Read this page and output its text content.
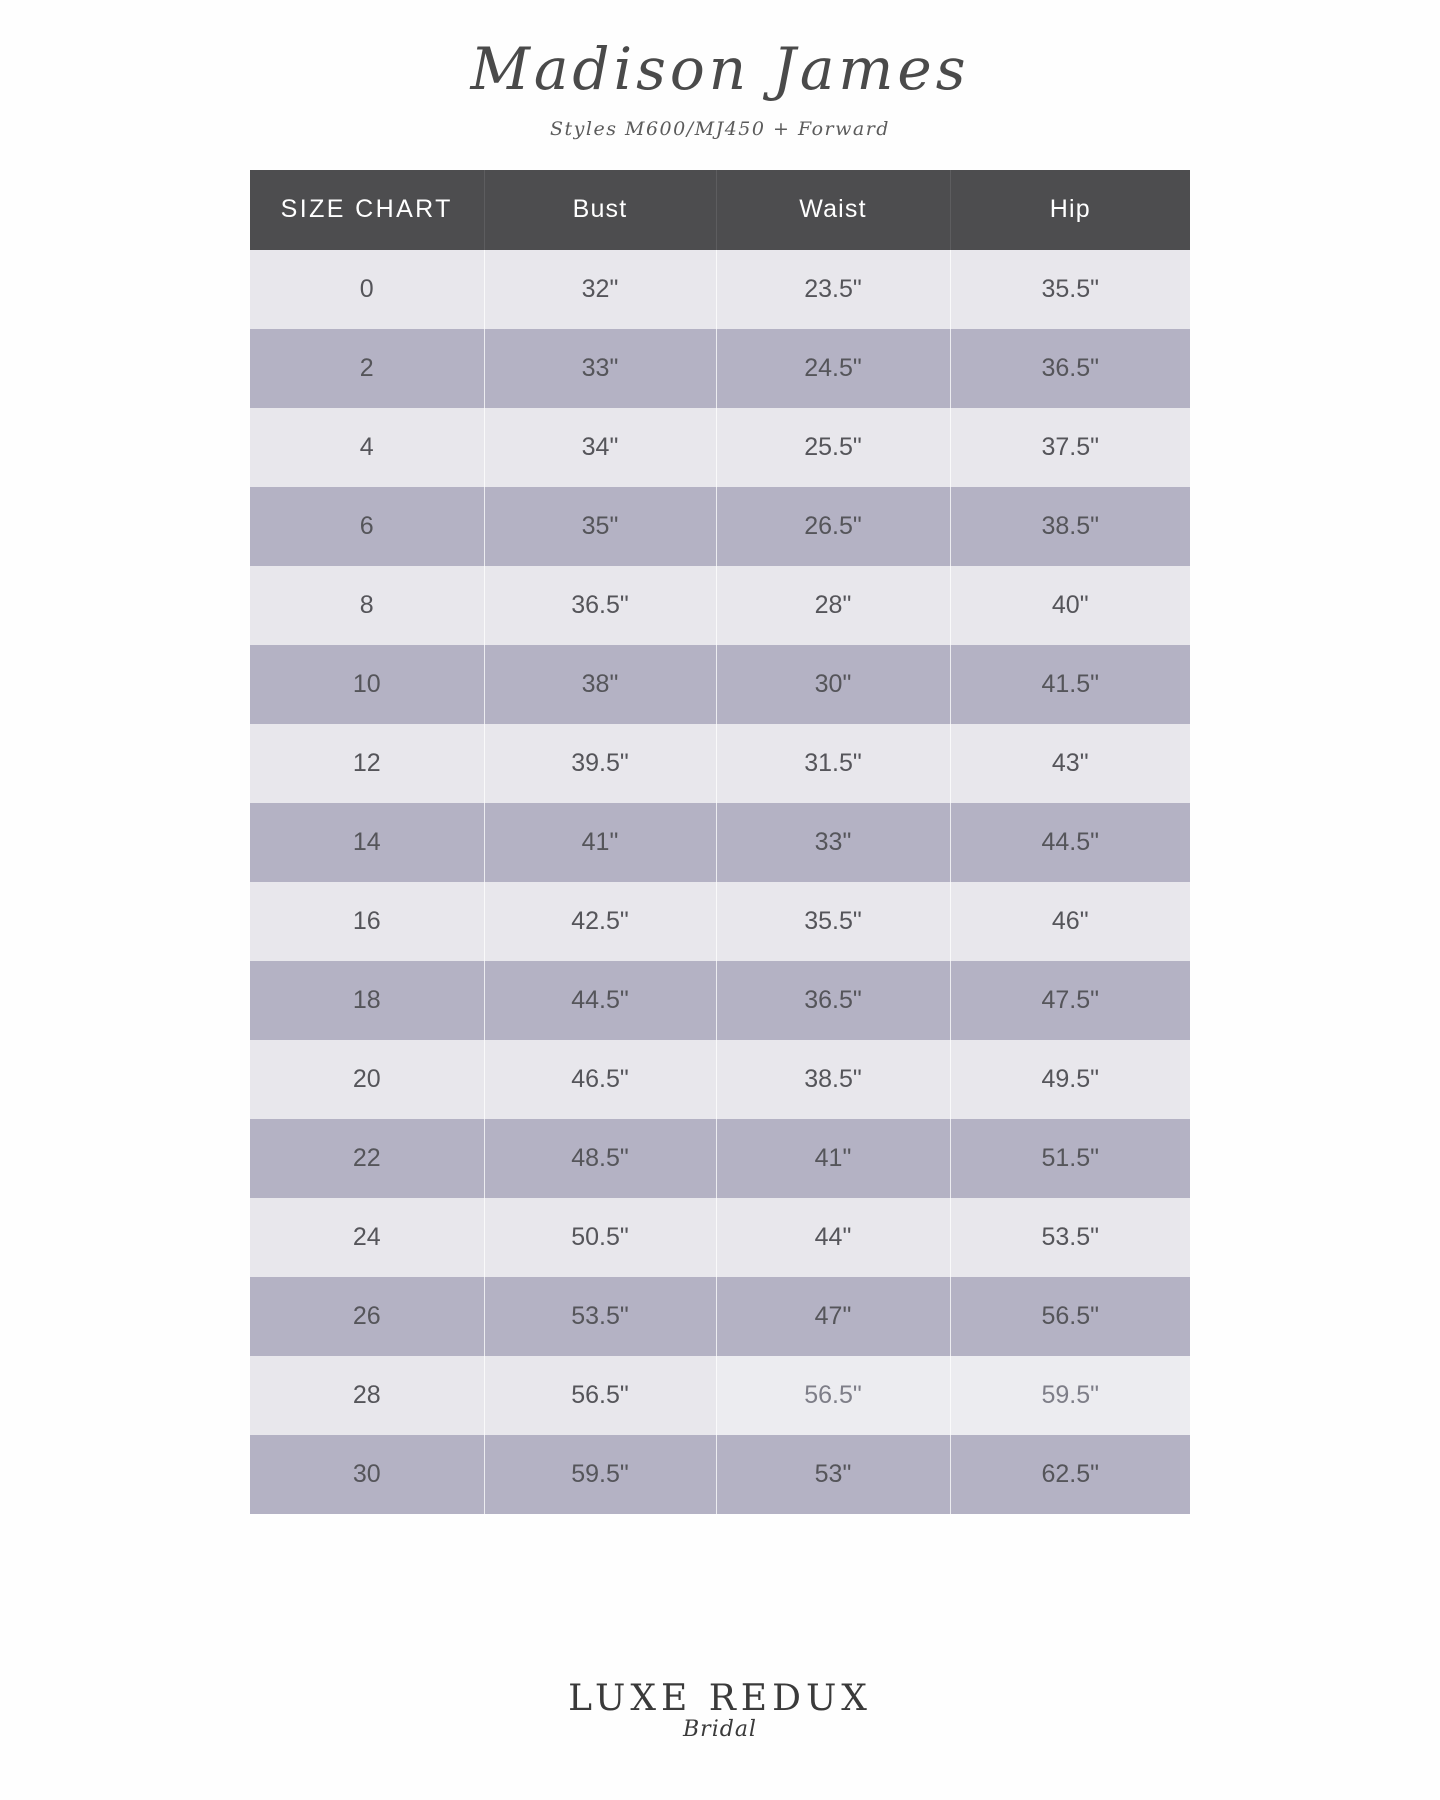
Madison James
Styles M600/MJ450 + Forward
SIZE CHART	Bust	Waist	Hip
0	32"	23.5"	35.5"
2	33"	24.5"	36.5"
4	34"	25.5"	37.5"
6	35"	26.5"	38.5"
8	36.5"	28"	40"
10	38"	30"	41.5"
12	39.5"	31.5"	43"
14	41"	33"	44.5"
16	42.5"	35.5"	46"
18	44.5"	36.5"	47.5"
20	46.5"	38.5"	49.5"
22	48.5"	41"	51.5"
24	50.5"	44"	53.5"
26	53.5"	47"	56.5"
28	56.5"	56.5"	59.5"
30	59.5"	53"	62.5"
LUXE REDUX
Bridal
